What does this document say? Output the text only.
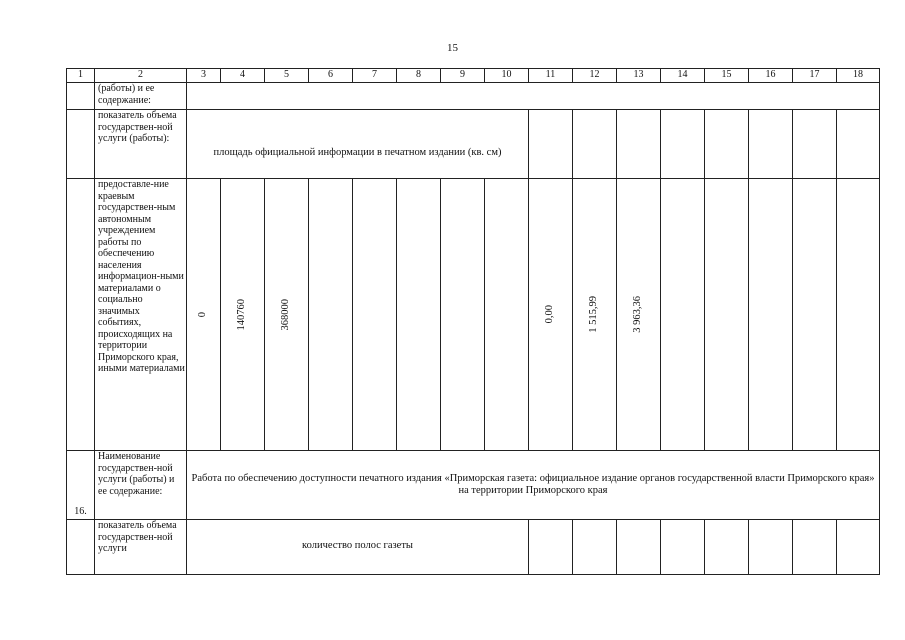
15
1	2	3	4	5	6	7	8	9	10	11	12	13	14	15	16	17	18
	(работы) и ее содержание:																
	показатель объема государствен-ной услуги (работы):	площадь официальной информации в печатном издании (кв. см)															
	предоставле-ние краевым государствен-ным автономным учреждением работы по обеспечению населения информацион-ными материалами о социально значимых событиях, происходящих на территории Приморского края, иными материалами	0	140760	368000						0,00	1 515,99	3 963,36					

16.	Наименование государствен-ной услуги (работы) и ее содержание:	Работа по обеспечению доступности печатного издания «Приморская газета: официальное издание органов государственной власти Приморского края» на территории Приморского края															
	показатель объема государствен-ной услуги	количество полос газеты															
